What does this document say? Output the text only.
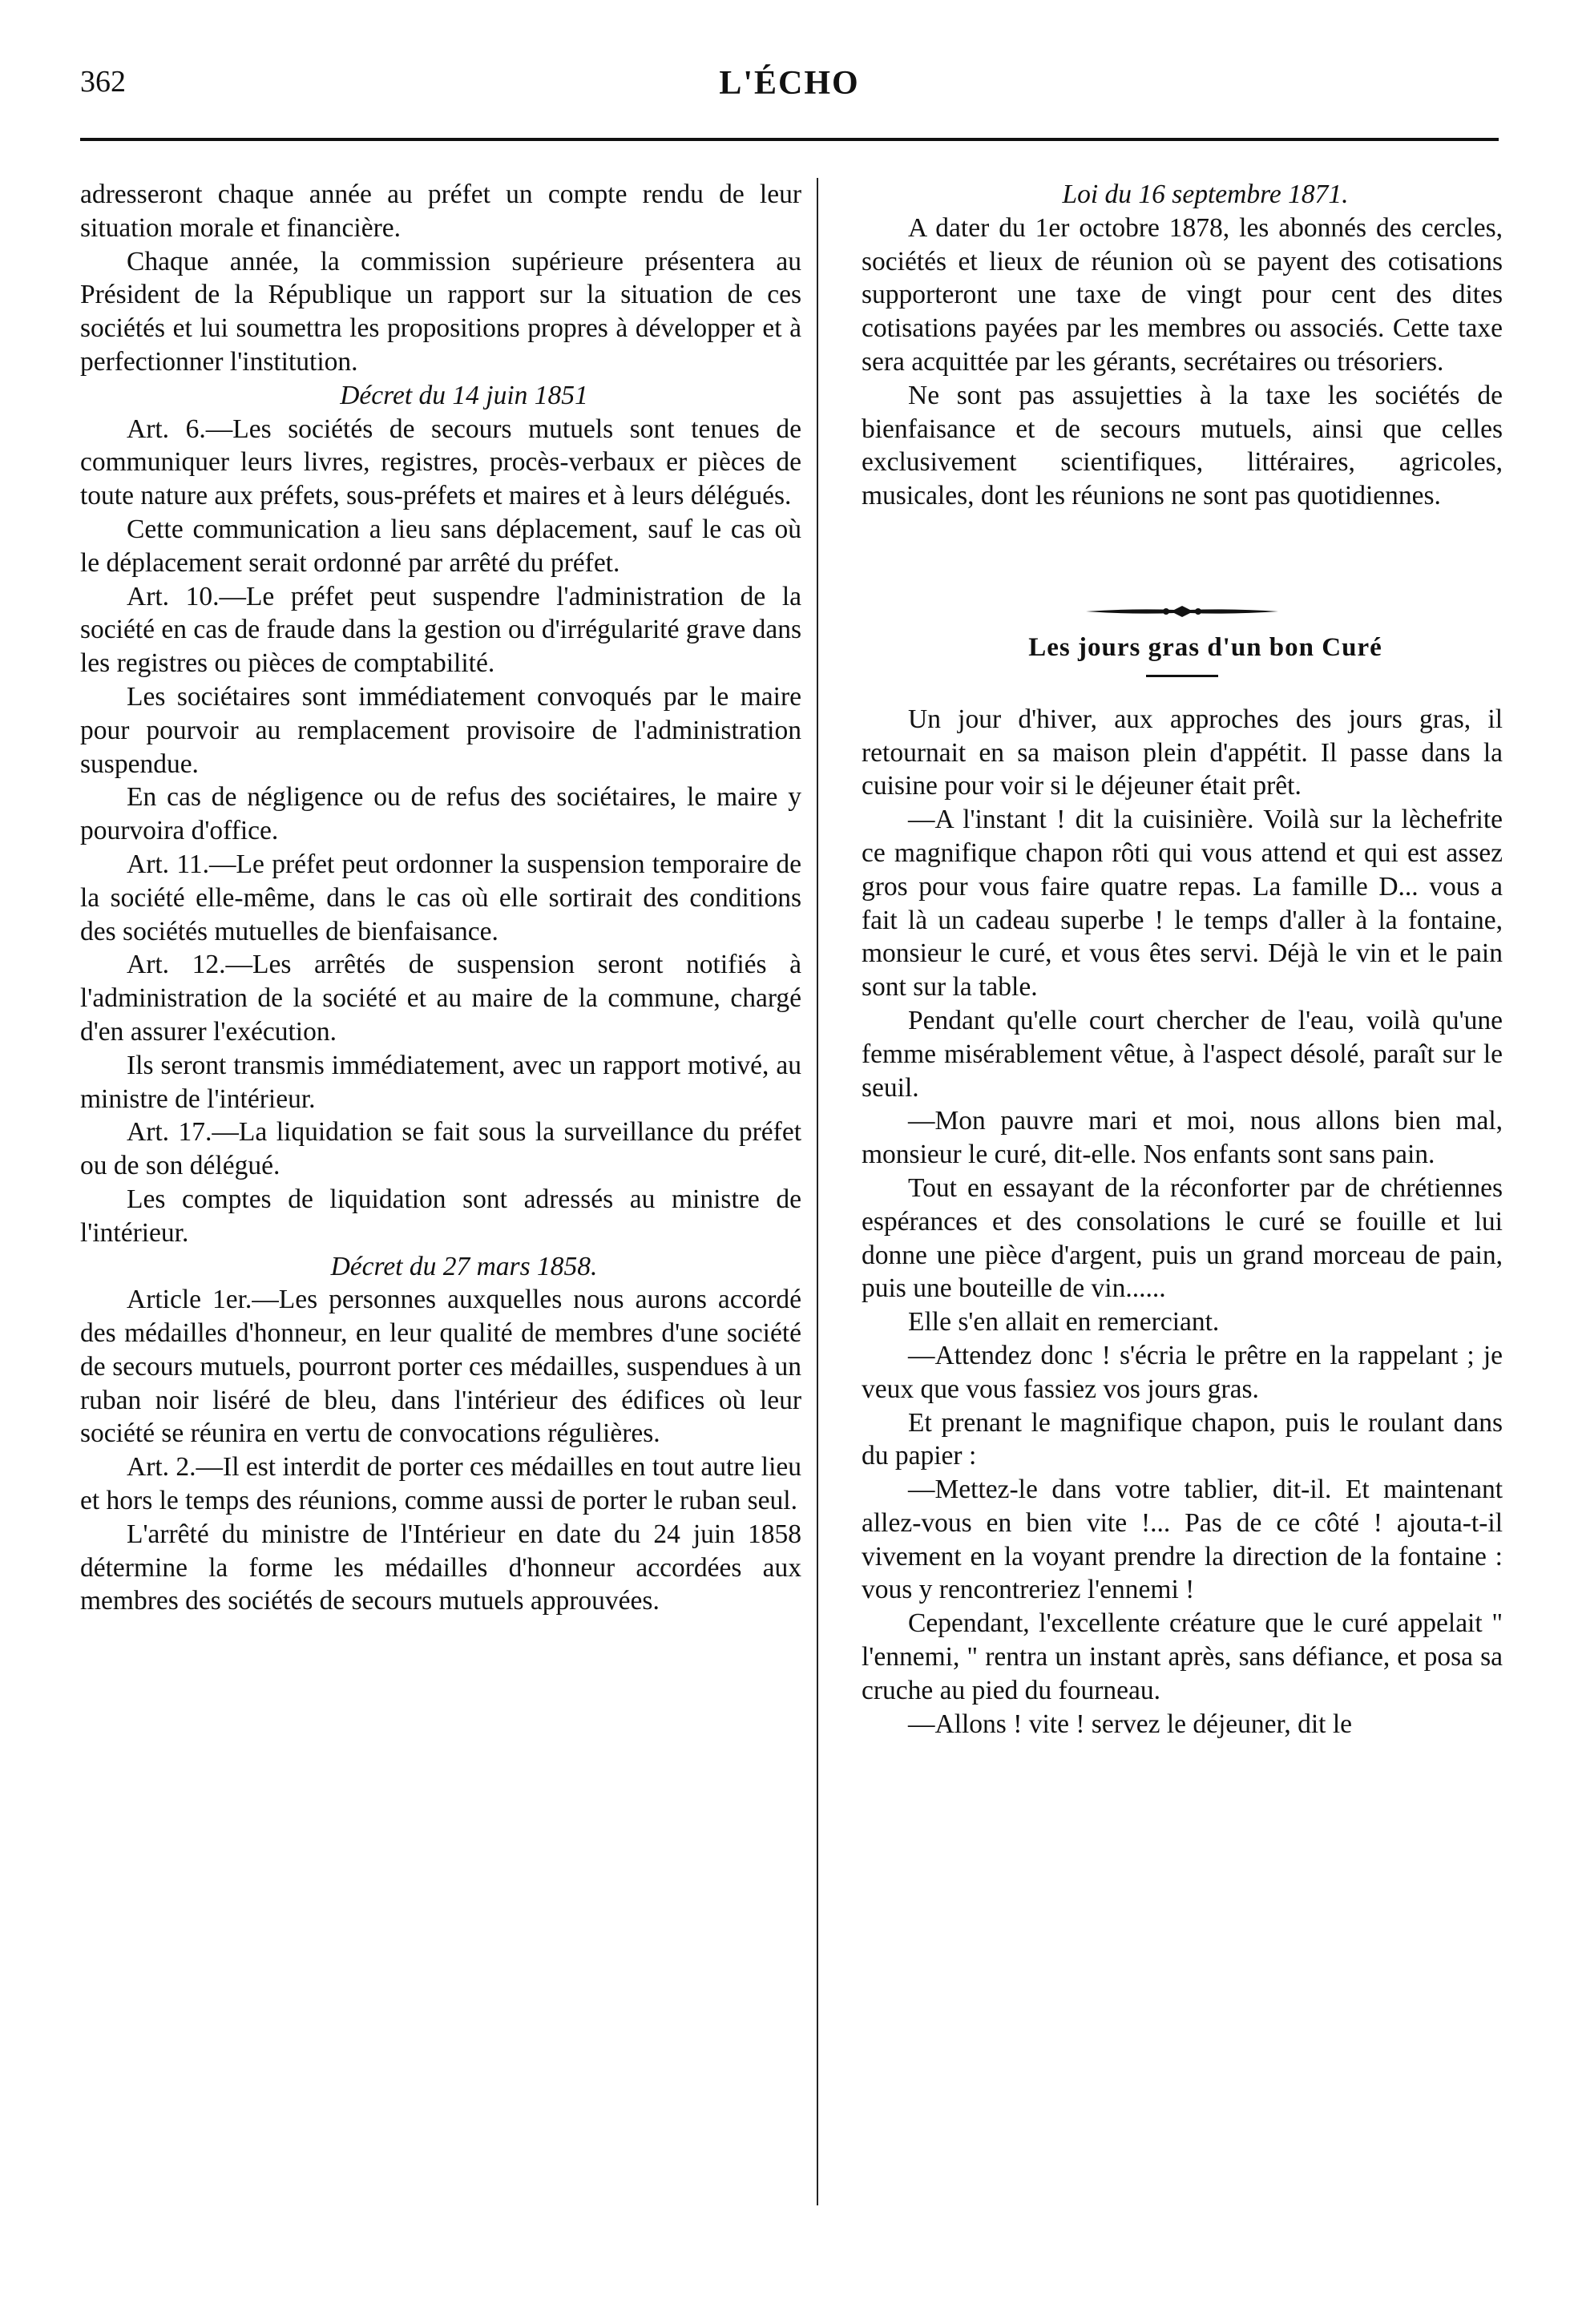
362	L'ÉCHO

adresseront chaque année au préfet un compte rendu de leur situation morale et financière.

Chaque année, la commission supérieure présentera au Président de la République un rapport sur la situation de ces sociétés et lui soumettra les propositions propres à développer et à perfectionner l'institution.

Décret du 14 juin 1851

Art. 6.—Les sociétés de secours mutuels sont tenues de communiquer leurs livres, registres, procès-verbaux er pièces de toute nature aux préfets, sous-préfets et maires et à leurs délégués.

Cette communication a lieu sans déplacement, sauf le cas où le déplacement serait ordonné par arrêté du préfet.

Art. 10.—Le préfet peut suspendre l'administration de la société en cas de fraude dans la gestion ou d'irrégularité grave dans les registres ou pièces de comptabilité.

Les sociétaires sont immédiatement convoqués par le maire pour pourvoir au remplacement provisoire de l'administration suspendue.

En cas de négligence ou de refus des sociétaires, le maire y pourvoira d'office.

Art. 11.—Le préfet peut ordonner la suspension temporaire de la société elle-même, dans le cas où elle sortirait des conditions des sociétés mutuelles de bienfaisance.

Art. 12.—Les arrêtés de suspension seront notifiés à l'administration de la société et au maire de la commune, chargé d'en assurer l'exécution.

Ils seront transmis immédiatement, avec un rapport motivé, au ministre de l'intérieur.

Art. 17.—La liquidation se fait sous la surveillance du préfet ou de son délégué.

Les comptes de liquidation sont adressés au ministre de l'intérieur.

Décret du 27 mars 1858.

Article 1er.—Les personnes auxquelles nous aurons accordé des médailles d'honneur, en leur qualité de membres d'une société de secours mutuels, pourront porter ces médailles, suspendues à un ruban noir liséré de bleu, dans l'intérieur des édifices où leur société se réunira en vertu de convocations régulières.

Art. 2.—Il est interdit de porter ces médailles en tout autre lieu et hors le temps des réunions, comme aussi de porter le ruban seul.

L'arrêté du ministre de l'Intérieur en date du 24 juin 1858 détermine la forme les médailles d'honneur accordées aux membres des sociétés de secours mutuels approuvées.

Loi du 16 septembre 1871.

A dater du 1er octobre 1878, les abonnés des cercles, sociétés et lieux de réunion où se payent des cotisations supporteront une taxe de vingt pour cent des dites cotisations payées par les membres ou associés. Cette taxe sera acquittée par les gérants, secrétaires ou trésoriers.

Ne sont pas assujetties à la taxe les sociétés de bienfaisance et de secours mutuels, ainsi que celles exclusivement scientifiques, littéraires, agricoles, musicales, dont les réunions ne sont pas quotidiennes.

Les jours gras d'un bon Curé

Un jour d'hiver, aux approches des jours gras, il retournait en sa maison plein d'appétit. Il passe dans la cuisine pour voir si le déjeuner était prêt.

—A l'instant ! dit la cuisinière. Voilà sur la lèchefrite ce magnifique chapon rôti qui vous attend et qui est assez gros pour vous faire quatre repas. La famille D... vous a fait là un cadeau superbe ! le temps d'aller à la fontaine, monsieur le curé, et vous êtes servi. Déjà le vin et le pain sont sur la table.

Pendant qu'elle court chercher de l'eau, voilà qu'une femme misérablement vêtue, à l'aspect désolé, paraît sur le seuil.

—Mon pauvre mari et moi, nous allons bien mal, monsieur le curé, dit-elle. Nos enfants sont sans pain.

Tout en essayant de la réconforter par de chrétiennes espérances et des consolations le curé se fouille et lui donne une pièce d'argent, puis un grand morceau de pain, puis une bouteille de vin......

Elle s'en allait en remerciant.

—Attendez donc ! s'écria le prêtre en la rappelant ; je veux que vous fassiez vos jours gras.

Et prenant le magnifique chapon, puis le roulant dans du papier :

—Mettez-le dans votre tablier, dit-il. Et maintenant allez-vous en bien vite !... Pas de ce côté ! ajouta-t-il vivement en la voyant prendre la direction de la fontaine : vous y rencontreriez l'ennemi !

Cependant, l'excellente créature que le curé appelait " l'ennemi, " rentra un instant après, sans défiance, et posa sa cruche au pied du fourneau.

—Allons ! vite ! servez le déjeuner, dit le
